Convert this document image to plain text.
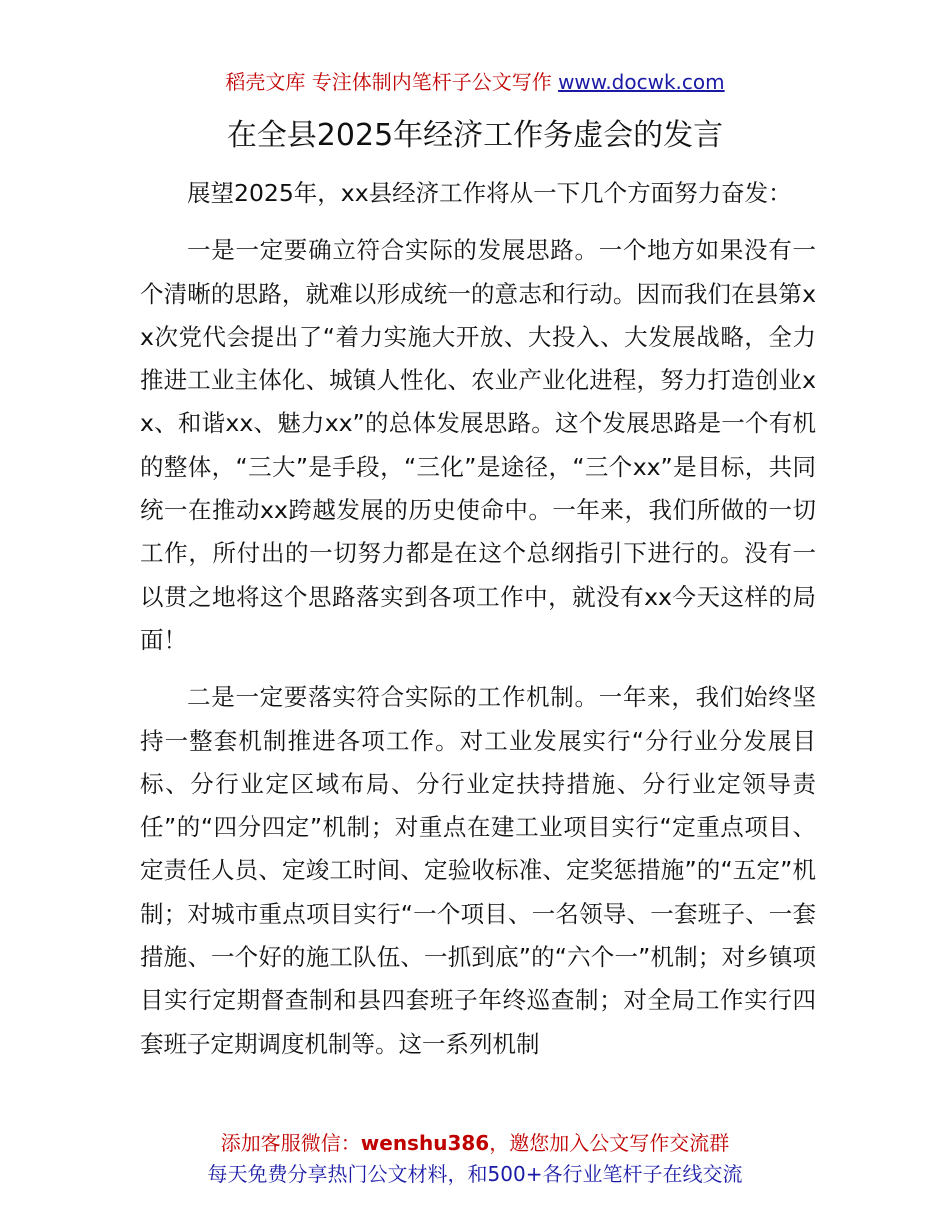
稻壳文库 专注体制内笔杆子公文写作 www.docwk.com
在全县2025年经济工作务虚会的发言

展望2025年，xx县经济工作将从一下几个方面努力奋发：

一是一定要确立符合实际的发展思路。一个地方如果没有一个清晰的思路，就难以形成统一的意志和行动。因而我们在县第xx次党代会提出了“着力实施大开放、大投入、大发展战略，全力推进工业主体化、城镇人性化、农业产业化进程，努力打造创业xx、和谐xx、魅力xx”的总体发展思路。这个发展思路是一个有机的整体，“三大”是手段，“三化”是途径，“三个xx”是目标，共同统一在推动xx跨越发展的历史使命中。一年来，我们所做的一切工作，所付出的一切努力都是在这个总纲指引下进行的。没有一以贯之地将这个思路落实到各项工作中，就没有xx今天这样的局面！

二是一定要落实符合实际的工作机制。一年来，我们始终坚持一整套机制推进各项工作。对工业发展实行“分行业分发展目标、分行业定区域布局、分行业定扶持措施、分行业定领导责任”的“四分四定”机制；对重点在建工业项目实行“定重点项目、定责任人员、定竣工时间、定验收标准、定奖惩措施”的“五定”机制；对城市重点项目实行“一个项目、一名领导、一套班子、一套措施、一个好的施工队伍、一抓到底”的“六个一”机制；对乡镇项目实行定期督查制和县四套班子年终巡查制；对全局工作实行四套班子定期调度机制等。这一系列机制

添加客服微信：wenshu386，邀您加入公文写作交流群
每天免费分享热门公文材料，和500+各行业笔杆子在线交流
